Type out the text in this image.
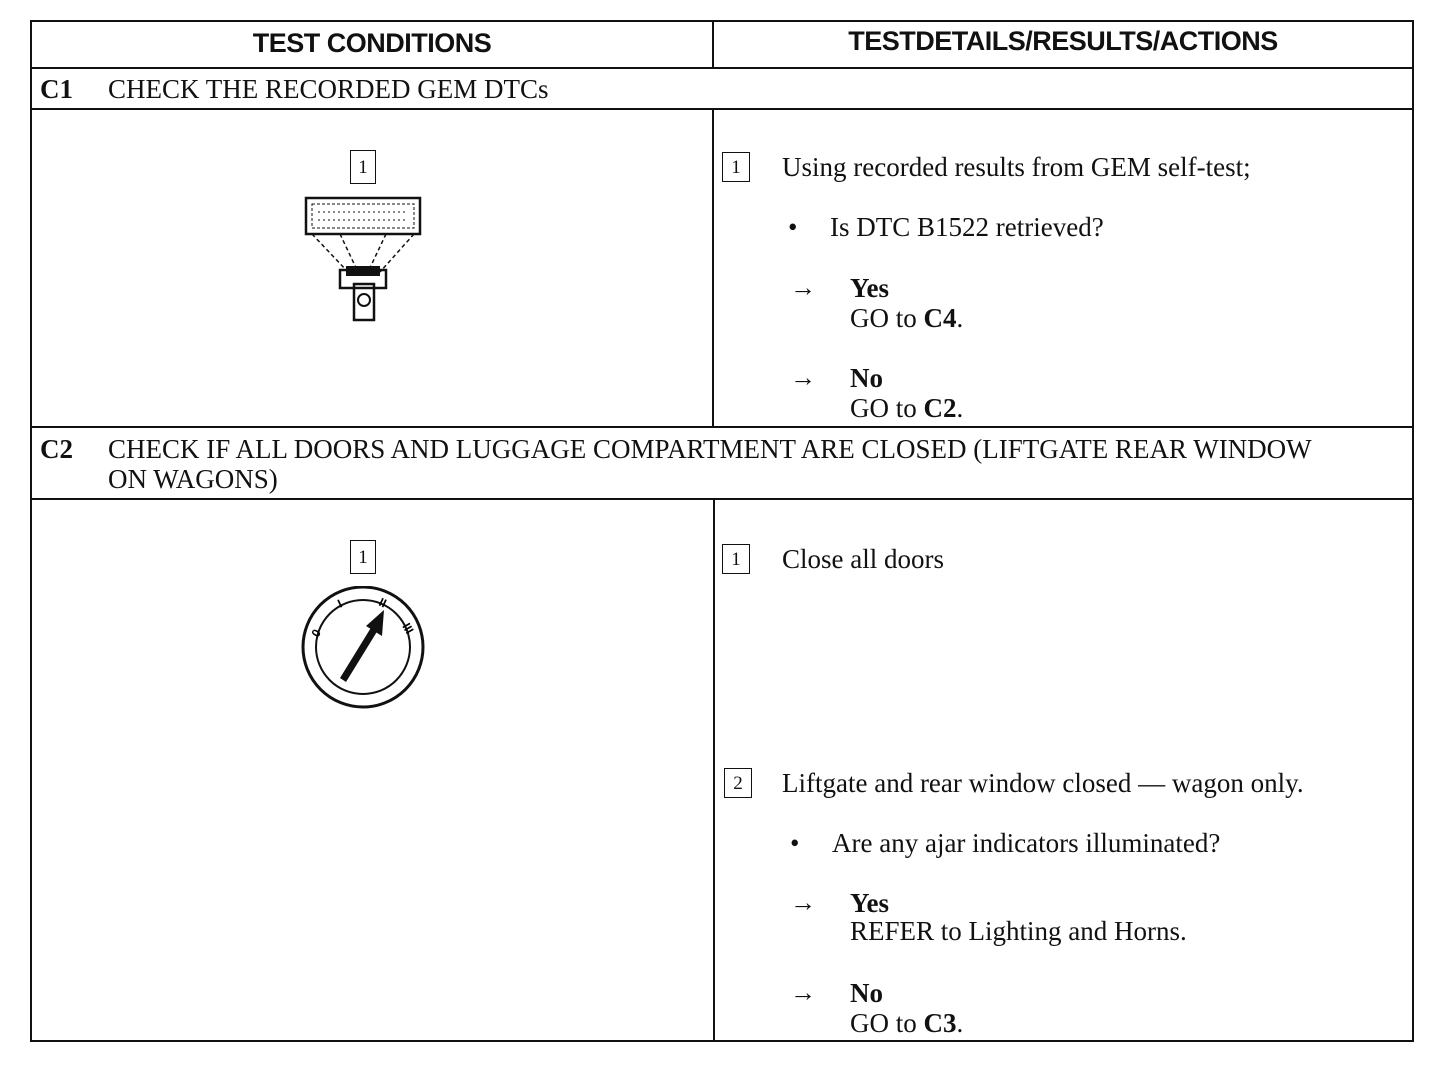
TEST CONDITIONS	TESTDETAILS/RESULTS/ACTIONS
C1 CHECK THE RECORDED GEM DTCs
1	1	Using recorded results from GEM self-test;
• Is DTC B1522 retrieved?
→ Yes
GO to C4.
→ No
GO to C2.
C2 CHECK IF ALL DOORS AND LUGGAGE COMPARTMENT ARE CLOSED (LIFTGATE REAR WINDOW ON WAGONS)
1
0
I	II
III
1	Close all doors
2	Liftgate and rear window closed — wagon only.
• Are any ajar indicators illuminated?
→ Yes
REFER to Lighting and Horns.
→ No
GO to C3.
